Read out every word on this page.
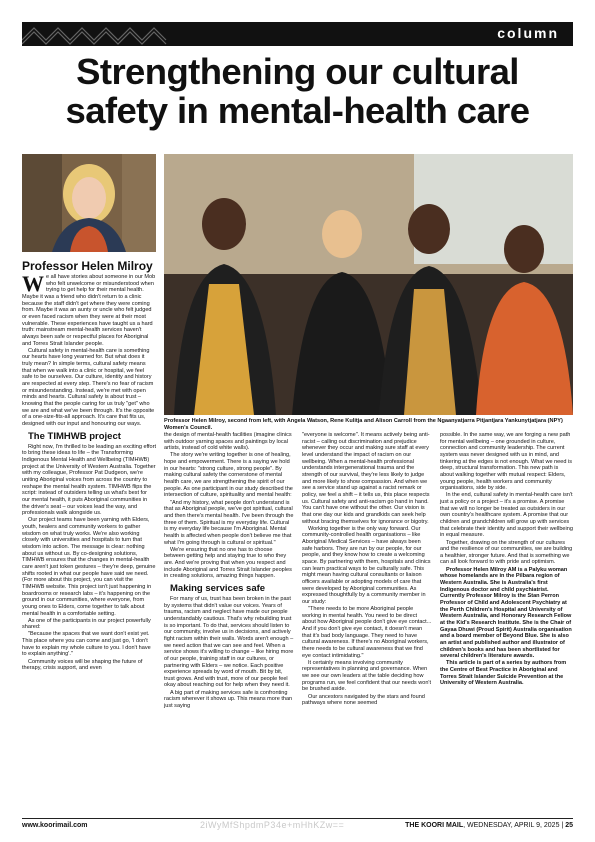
column
Strengthening our cultural
safety in mental-health care
Professor Helen Milroy

We all have stories about someone in our Mob who felt unwelcome or misunderstood when trying to get help for their mental health. Maybe it was a friend who didn't return to a clinic because the staff didn't get where they were coming from. Maybe it was an aunty or uncle who felt judged or even faced racism when they were at their most vulnerable. These experiences have taught us a hard truth: mainstream mental-health services haven't always been safe or respectful places for Aboriginal and Torres Strait Islander people.

Cultural safety in mental-health care is something our hearts have long yearned for. But what does it truly mean? In simple terms, cultural safety means that when we walk into a clinic or hospital, we feel safe to be ourselves. Our culture, identity and history are respected at every step. There's no fear of racism or misunderstanding. Instead, we're met with open minds and hearts. Cultural safety is about trust – knowing that the people caring for us truly "get" who we are and what we've been through. It's the opposite of a one-size-fits-all approach. It's care that fits us, designed with our input and honouring our ways.

The TIMHWB project

Right now, I'm thrilled to be leading an exciting effort to bring these ideas to life – the Transforming Indigenous Mental Health and Wellbeing (TIMHWB) project at the University of Western Australia. Together with my colleague, Professor Pat Dudgeon, we're uniting Aboriginal voices from across the country to reshape the mental health system. TIMHWB flips the script: instead of outsiders telling us what's best for our mental health, it puts Aboriginal communities in the driver's seat – our voices lead the way, and professionals walk alongside us.

Our project teams have been yarning with Elders, youth, healers and community workers to gather wisdom on what truly works. We're also working closely with universities and hospitals to turn that wisdom into action. The message is clear: nothing about us without us. By co-designing solutions, TIMHWB ensures that the changes in mental-health care aren't just token gestures – they're deep, genuine shifts rooted in what our people have said we need. (For more about this project, you can visit the TIMHWB website. This project isn't just happening in boardrooms or research labs – it's happening on the ground in our communities, where everyone, from young ones to Elders, come together to talk about mental health in a comfortable setting.

As one of the participants in our project powerfully shared:

"Because the spaces that we want don't exist yet. This place where you can come and just go, 'I don't have to explain my whole culture to you. I don't have to explain anything'."

Community voices will be shaping the future of therapy, crisis support, and even

Professor Helen Milroy, second from left, with Angela Watson, Rene Kulitja and Alison Carroll from the Ngaanyatjarra Pitjantjara Yankunytjatjara (NPY) Women's Council.

the design of mental-health facilities (imagine clinics with outdoor yarning spaces and paintings by local artists, instead of cold white walls).

The story we're writing together is one of healing, hope and empowerment. There is a saying we hold in our hearts: "strong culture, strong people". By making cultural safety the cornerstone of mental health care, we are strengthening the spirit of our people. As one participant in our study described the intersection of culture, spirituality and mental health:

"And my history, what people don't understand is that as Aboriginal people, we've got spiritual, cultural and then there's mental health. I've been through the three of them. Spiritual is my everyday life. Cultural is my everyday life because I'm Aboriginal. Mental health is affected when people don't believe me that what I'm going through is cultural or spiritual."

We're ensuring that no one has to choose between getting help and staying true to who they are. And we're proving that when you respect and include Aboriginal and Torres Strait Islander peoples in creating solutions, amazing things happen.

Making services safe

For many of us, trust has been broken in the past by systems that didn't value our voices. Years of trauma, racism and neglect have made our people understandably cautious. That's why rebuilding trust is so important. To do that, services should listen to our community, involve us in decisions, and actively fight racism within their walls. Words aren't enough – we need action that we can see and feel. When a service shows it's willing to change – like hiring more of our people, training staff in our cultures, or partnering with Elders – we notice. Each positive experience spreads by word of mouth. Bit by bit, trust grows. And with trust, more of our people feel okay about reaching out for help when they need it.

A big part of making services safe is confronting racism wherever it shows up. This means more than just saying

"everyone is welcome". It means actively being anti-racist – calling out discrimination and prejudice whenever they occur and making sure staff at every level understand the impact of racism on our wellbeing. When a mental-health professional understands intergenerational trauma and the strength of our survival, they're less likely to judge and more likely to show compassion. And when we see a service stand up against a racist remark or policy, we feel a shift – it tells us, this place respects us. Cultural safety and anti-racism go hand in hand. You can't have one without the other. Our vision is that one day our kids and grandkids can seek help without bracing themselves for ignorance or bigotry.

Working together is the only way forward. Our community-controlled health organisations – like Aboriginal Medical Services – have always been safe harbors. They are run by our people, for our people, and they know how to create a welcoming space. By partnering with them, hospitals and clinics can learn practical ways to be culturally safe. This might mean having cultural consultants or liaison officers available or adopting models of care that were developed by Aboriginal communities. As expressed thoughtfully by a community member in our study:

"There needs to be more Aboriginal people working in mental health. You need to be direct about how Aboriginal people don't give eye contact... And if you don't give eye contact, it doesn't mean that it's bad body language. They need to have cultural awareness. If there's no Aboriginal workers, there needs to be cultural awareness that we find eye contact intimidating."

It certainly means involving community representatives in planning and governance. When we see our own leaders at the table deciding how programs run, we feel confident that our needs won't be brushed aside.

Our ancestors navigated by the stars and found pathways where none seemed

possible. In the same way, we are forging a new path for mental wellbeing – one grounded in culture, connection and community leadership. The current system was never designed with us in mind, and tinkering at the edges is not enough. What we need is deep, structural transformation. This new path is about walking together with mutual respect: Elders, young people, health workers and community organisations, side by side.

In the end, cultural safety in mental-health care isn't just a policy or a project – it's a promise. A promise that we will no longer be treated as outsiders in our own country's healthcare system. A promise that our children and grandchildren will grow up with services that celebrate their identity and support their wellbeing in equal measure.

Together, drawing on the strength of our cultures and the resilience of our communities, we are building a healthier, stronger future. And that is something we can all look forward to with pride and optimism.

Professor Helen Milroy AM is a Palyku woman whose homelands are in the Pilbara region of Western Australia. She is Australia's first Indigenous doctor and child psychiatrist. Currently Professor Milroy is the Stan Perron Professor of Child and Adolescent Psychiatry at the Perth Children's Hospital and University of Western Australia, and Honorary Research Fellow at the Kid's Research Institute. She is the Chair of Gayaa Dhuwi (Proud Spirit) Australia organisation and a board member of Beyond Blue. She is also an artist and published author and illustrator of children's books and has been shortlisted for several children's literature awards.

This article is part of a series by authors from the Centre of Best Practice in Aboriginal and Torres Strait Islander Suicide Prevention at the University of Western Australia.

www.koorimail.com	2iWyMfShpdmP34e+mHhKZw==	THE KOORI MAIL, WEDNESDAY, APRIL 9, 2025 | 25
